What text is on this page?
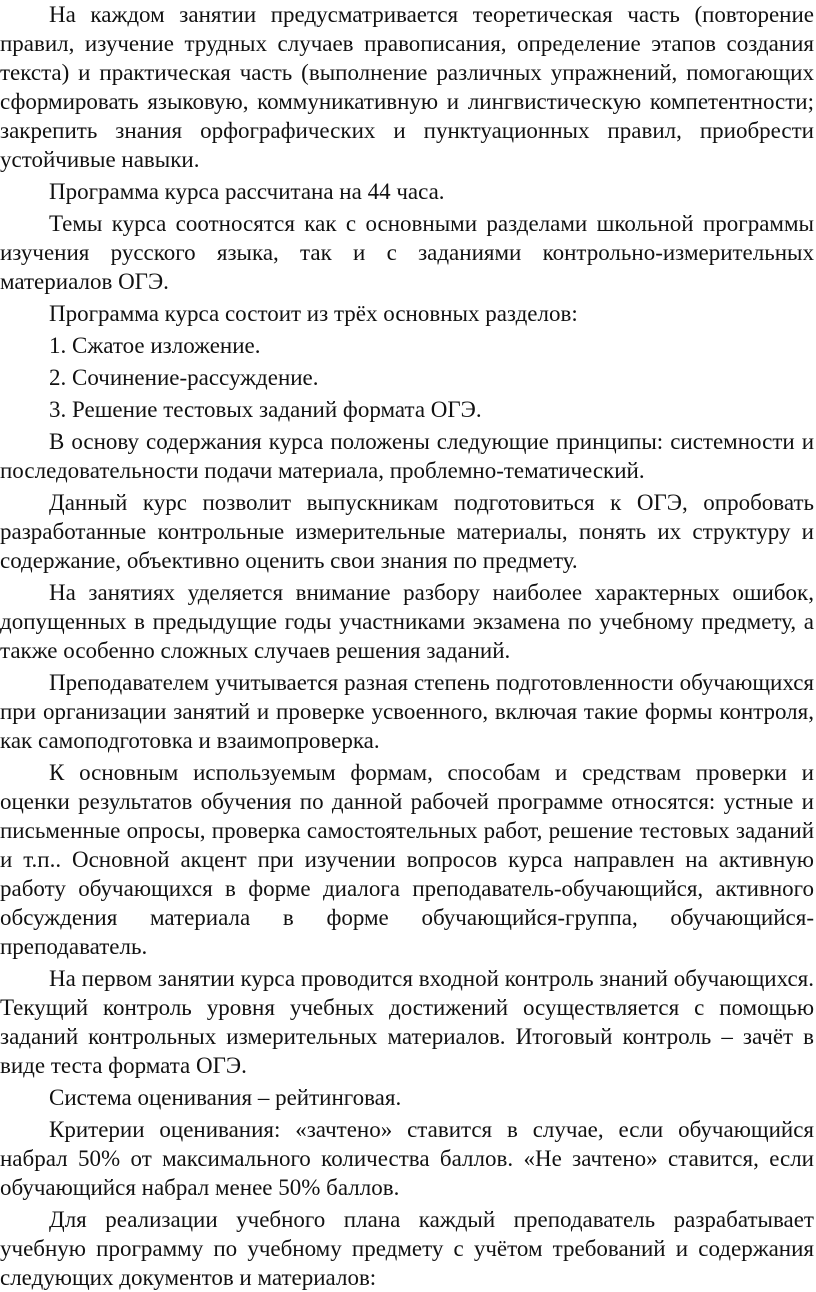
На каждом занятии предусматривается теоретическая часть (повторение правил, изучение трудных случаев правописания, определение этапов создания текста) и практическая часть (выполнение различных упражнений, помогающих сформировать языковую, коммуникативную и лингвистическую компетентности; закрепить знания орфографических и пунктуационных правил, приобрести устойчивые навыки.

Программа курса рассчитана на 44 часа.

Темы курса соотносятся как с основными разделами школьной программы изучения русского языка, так и с заданиями контрольно-измерительных материалов ОГЭ.

Программа курса состоит из трёх основных разделов:

1. Сжатое изложение.

2. Сочинение-рассуждение.

3. Решение тестовых заданий формата ОГЭ.

В основу содержания курса положены следующие принципы: системности и последовательности подачи материала, проблемно-тематический.

Данный курс позволит выпускникам подготовиться к ОГЭ, опробовать разработанные контрольные измерительные материалы, понять их структуру и содержание, объективно оценить свои знания по предмету.

На занятиях уделяется внимание разбору наиболее характерных ошибок, допущенных в предыдущие годы участниками экзамена по учебному предмету, а также особенно сложных случаев решения заданий.

Преподавателем учитывается разная степень подготовленности обучающихся при организации занятий и проверке усвоенного, включая такие формы контроля, как самоподготовка и взаимопроверка.

К основным используемым формам, способам и средствам проверки и оценки результатов обучения по данной рабочей программе относятся: устные и письменные опросы, проверка самостоятельных работ, решение тестовых заданий и т.п.. Основной акцент при изучении вопросов курса направлен на активную работу обучающихся в форме диалога преподаватель-обучающийся, активного обсуждения материала в форме обучающийся-группа, обучающийся-преподаватель.

На первом занятии курса проводится входной контроль знаний обучающихся. Текущий контроль уровня учебных достижений осуществляется с помощью заданий контрольных измерительных материалов. Итоговый контроль – зачёт в виде теста формата ОГЭ.

Система оценивания – рейтинговая.

Критерии оценивания: «зачтено» ставится в случае, если обучающийся набрал 50% от максимального количества баллов. «Не зачтено» ставится, если обучающийся набрал менее 50% баллов.

Для реализации учебного плана каждый преподаватель разрабатывает учебную программу по учебному предмету с учётом требований и содержания следующих документов и материалов:
